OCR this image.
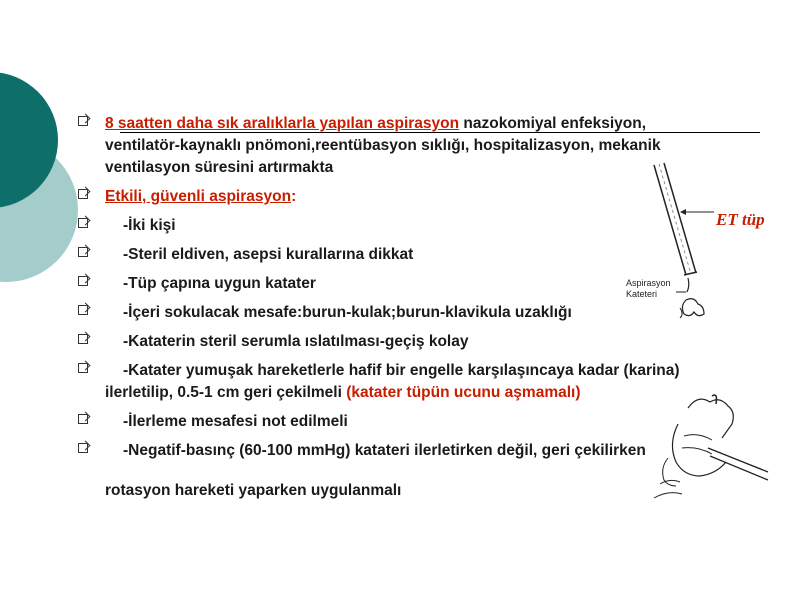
8 saatten daha sık aralıklarla yapılan aspirasyon nazokomiyal enfeksiyon, ventilatör-kaynaklı pnömoni,reentübasyon sıklığı, hospitalizasyon, mekanik ventilasyon süresini artırmakta
Etkili, güvenli aspirasyon:
-İki kişi
-Steril eldiven, asepsi kurallarına dikkat
-Tüp çapına uygun katater
-İçeri sokulacak mesafe:burun-kulak;burun-klavikula uzaklığı
-Kataterin steril serumla ıslatılması-geçiş kolay
-Katater yumuşak hareketlerle hafif bir engelle karşılaşıncaya kadar (karina) ilerletilip, 0.5-1 cm geri çekilmeli (katater tüpün ucunu aşmamalı)
-İlerleme mesafesi not edilmeli
-Negatif-basınç (60-100 mmHg) katateri ilerletirken değil, geri çekilirken
rotasyon hareketi yaparken uygulanmalı
ET tüp
Aspirasyon
Kateteri
